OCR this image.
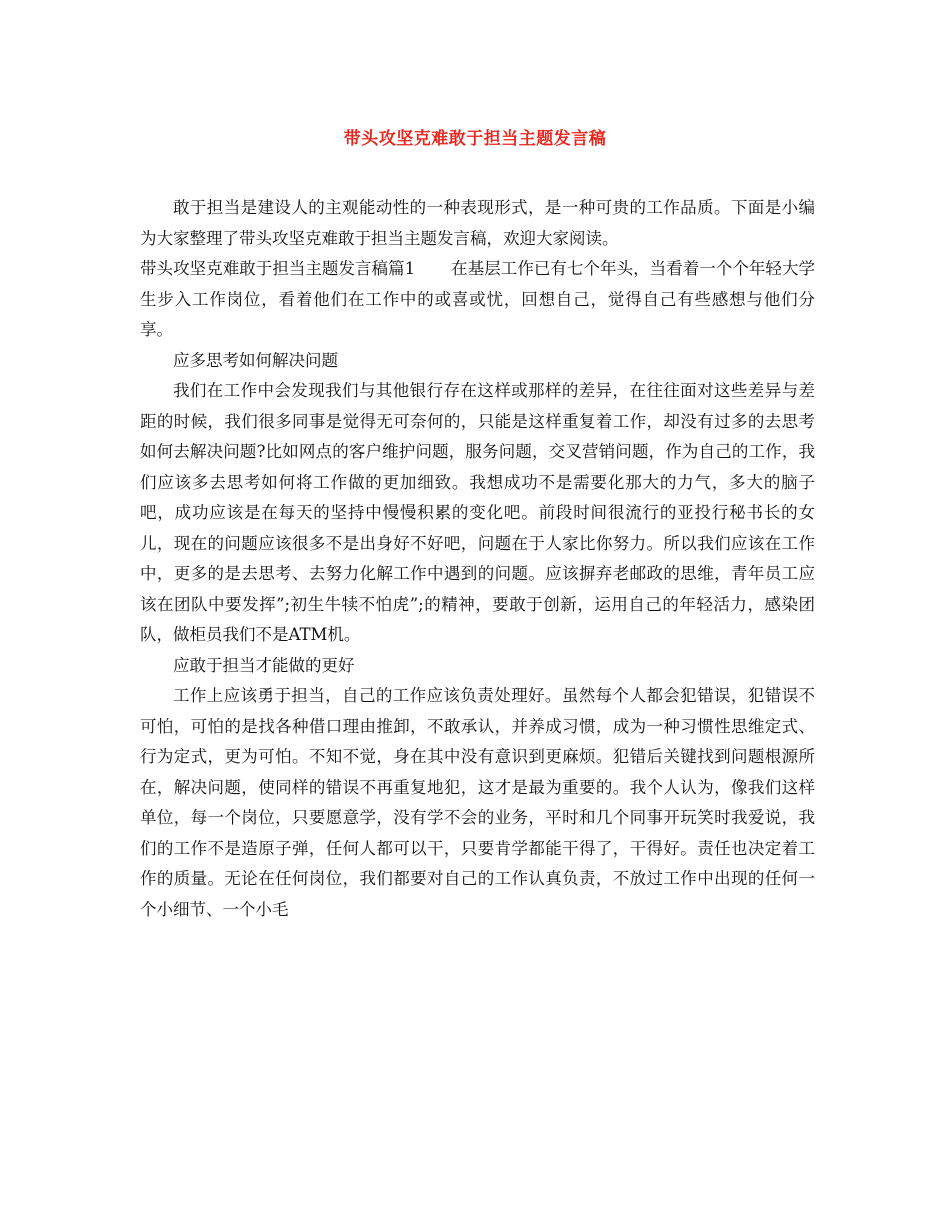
带头攻坚克难敢于担当主题发言稿

敢于担当是建设人的主观能动性的一种表现形式，是一种可贵的工作品质。下面是小编为大家整理了带头攻坚克难敢于担当主题发言稿，欢迎大家阅读。

带头攻坚克难敢于担当主题发言稿篇1 在基层工作已有七个年头，当看着一个个年轻大学生步入工作岗位，看着他们在工作中的或喜或忧，回想自己，觉得自己有些感想与他们分享。

应多思考如何解决问题

我们在工作中会发现我们与其他银行存在这样或那样的差异，在往往面对这些差异与差距的时候，我们很多同事是觉得无可奈何的，只能是这样重复着工作，却没有过多的去思考如何去解决问题?比如网点的客户维护问题，服务问题，交叉营销问题，作为自己的工作，我们应该多去思考如何将工作做的更加细致。我想成功不是需要化那大的力气，多大的脑子吧，成功应该是在每天的坚持中慢慢积累的变化吧。前段时间很流行的亚投行秘书长的女儿，现在的问题应该很多不是出身好不好吧，问题在于人家比你努力。所以我们应该在工作中，更多的是去思考、去努力化解工作中遇到的问题。应该摒弃老邮政的思维，青年员工应该在团队中要发挥”;初生牛犊不怕虎”;的精神，要敢于创新，运用自己的年轻活力，感染团队，做柜员我们不是ATM机。

应敢于担当才能做的更好

工作上应该勇于担当，自己的工作应该负责处理好。虽然每个人都会犯错误，犯错误不可怕，可怕的是找各种借口理由推卸，不敢承认，并养成习惯，成为一种习惯性思维定式、行为定式，更为可怕。不知不觉，身在其中没有意识到更麻烦。犯错后关键找到问题根源所在，解决问题，使同样的错误不再重复地犯，这才是最为重要的。我个人认为，像我们这样单位，每一个岗位，只要愿意学，没有学不会的业务，平时和几个同事开玩笑时我爱说，我们的工作不是造原子弹，任何人都可以干，只要肯学都能干得了，干得好。责任也决定着工作的质量。无论在任何岗位，我们都要对自己的工作认真负责，不放过工作中出现的任何一个小细节、一个小毛
